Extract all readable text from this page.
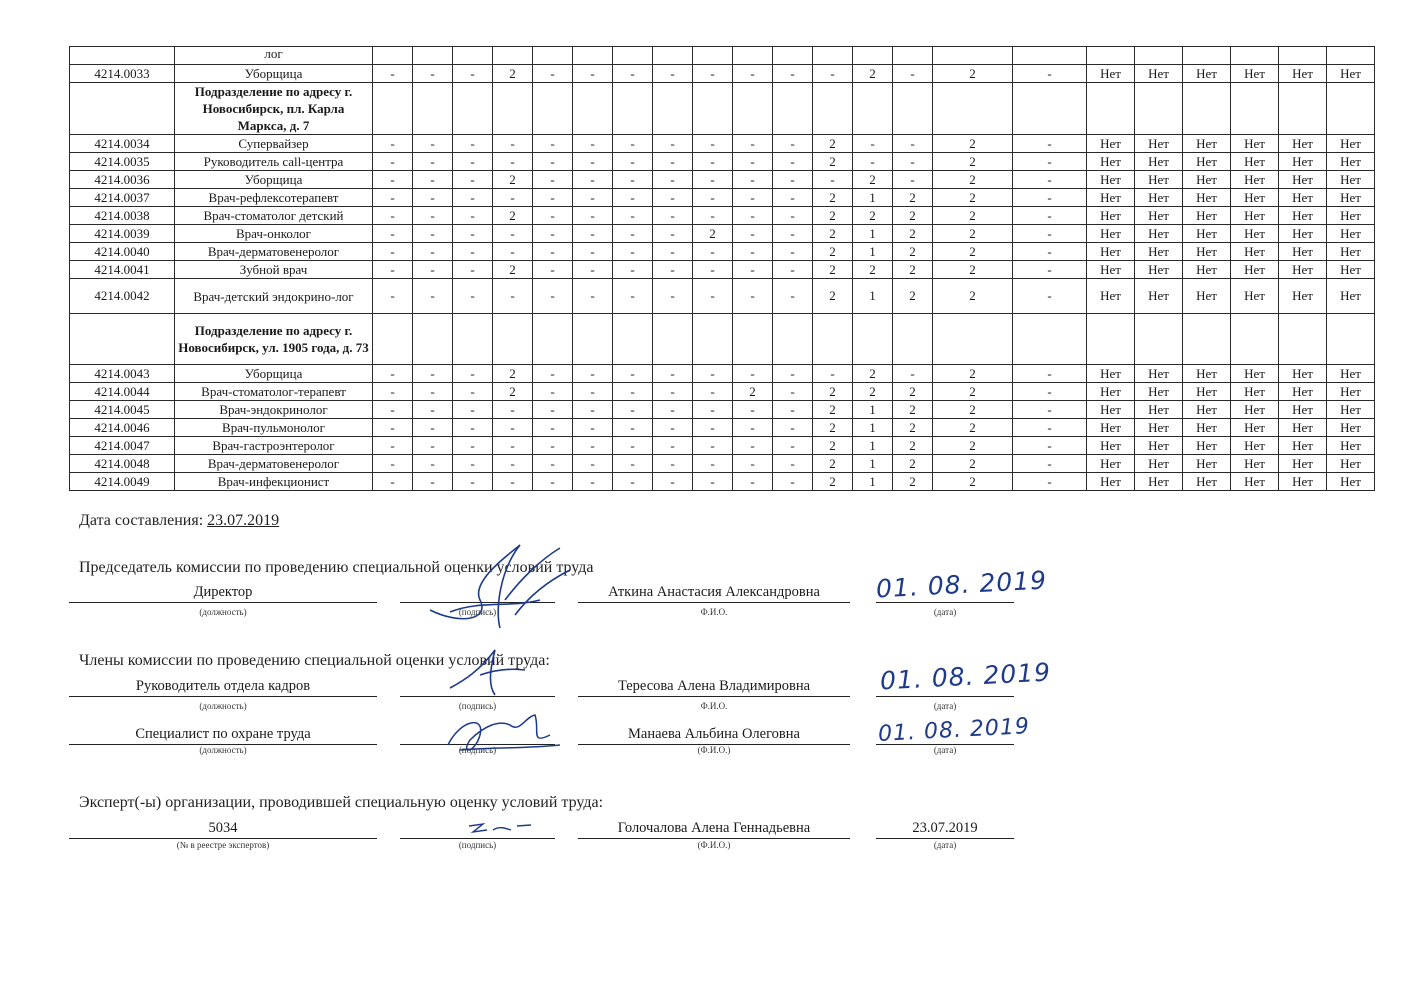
	лог																						
4214.0033	Уборщица	-	-	-	2	-	-	-	-	-	-	-	-	2	-	2	-	Нет	Нет	Нет	Нет	Нет	Нет
	Подразделение по адресу г. Новосибирск, пл. Карла Маркса, д. 7																						
4214.0034	Супервайзер	-	-	-	-	-	-	-	-	-	-	-	2	-	-	2	-	Нет	Нет	Нет	Нет	Нет	Нет
4214.0035	Руководитель call-центра	-	-	-	-	-	-	-	-	-	-	-	2	-	-	2	-	Нет	Нет	Нет	Нет	Нет	Нет
4214.0036	Уборщица	-	-	-	2	-	-	-	-	-	-	-	-	2	-	2	-	Нет	Нет	Нет	Нет	Нет	Нет
4214.0037	Врач-рефлексотерапевт	-	-	-	-	-	-	-	-	-	-	-	2	1	2	2	-	Нет	Нет	Нет	Нет	Нет	Нет
4214.0038	Врач-стоматолог детский	-	-	-	2	-	-	-	-	-	-	-	2	2	2	2	-	Нет	Нет	Нет	Нет	Нет	Нет
4214.0039	Врач-онколог	-	-	-	-	-	-	-	-	2	-	-	2	1	2	2	-	Нет	Нет	Нет	Нет	Нет	Нет
4214.0040	Врач-дерматовенеролог	-	-	-	-	-	-	-	-	-	-	-	2	1	2	2	-	Нет	Нет	Нет	Нет	Нет	Нет
4214.0041	Зубной врач	-	-	-	2	-	-	-	-	-	-	-	2	2	2	2	-	Нет	Нет	Нет	Нет	Нет	Нет
4214.0042	Врач-детский эндокрино-лог	-	-	-	-	-	-	-	-	-	-	-	2	1	2	2	-	Нет	Нет	Нет	Нет	Нет	Нет
	Подразделение по адресу г. Новосибирск, ул. 1905 года, д. 73																						
4214.0043	Уборщица	-	-	-	2	-	-	-	-	-	-	-	-	2	-	2	-	Нет	Нет	Нет	Нет	Нет	Нет
4214.0044	Врач-стоматолог-терапевт	-	-	-	2	-	-	-	-	-	2	-	2	2	2	2	-	Нет	Нет	Нет	Нет	Нет	Нет
4214.0045	Врач-эндокринолог	-	-	-	-	-	-	-	-	-	-	-	2	1	2	2	-	Нет	Нет	Нет	Нет	Нет	Нет
4214.0046	Врач-пульмонолог	-	-	-	-	-	-	-	-	-	-	-	2	1	2	2	-	Нет	Нет	Нет	Нет	Нет	Нет
4214.0047	Врач-гастроэнтеролог	-	-	-	-	-	-	-	-	-	-	-	2	1	2	2	-	Нет	Нет	Нет	Нет	Нет	Нет
4214.0048	Врач-дерматовенеролог	-	-	-	-	-	-	-	-	-	-	-	2	1	2	2	-	Нет	Нет	Нет	Нет	Нет	Нет
4214.0049	Врач-инфекционист	-	-	-	-	-	-	-	-	-	-	-	2	1	2	2	-	Нет	Нет	Нет	Нет	Нет	Нет
Дата составления: 23.07.2019
Председатель комиссии по проведению специальной оценки условий труда
Директор
(должность)	(подпись)
Аткина Анастасия Александровна
Ф.И.О.
01. 08. 2019
(дата)
Члены комиссии по проведению специальной оценки условий труда:
Руководитель отдела кадров
(должность)	(подпись)
Тересова Алена Владимировна
Ф.И.О.
01. 08. 2019
(дата)
Специалист по охране труда
(должность)	(подпись)
Манаева Альбина Олеговна
(Ф.И.О.)
01. 08. 2019
(дата)
Эксперт(-ы) организации, проводившей специальную оценку условий труда:
5034
(№ в реестре экспертов)	(подпись)
Голочалова Алена Геннадьевна
(Ф.И.О.)
23.07.2019
(дата)
